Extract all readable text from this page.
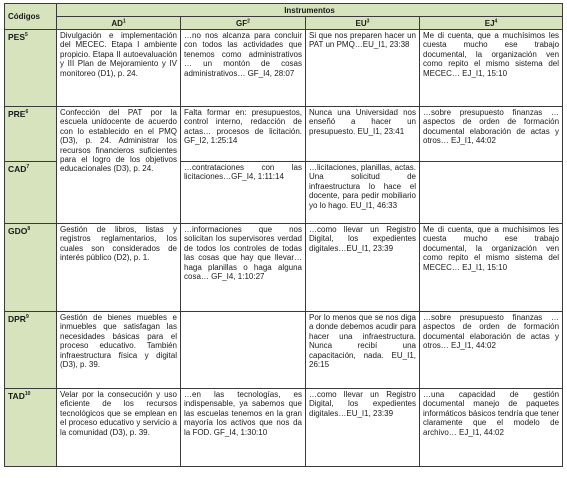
Códigos	Instrumentos			
	$AD^1$	$GF^2$	$EU^3$	$EJ^4$
PES$^5$	Divulgación e implementación del MECEC. Etapa I ambiente propicio. Etapa II autoevaluación y III Plan de Mejoramiento y IV monitoreo (D1), p. 24.	…no nos alcanza para concluir con todos las actividades que tenemos como administrativos … un montón de cosas administrativos… GF_I4, 28:07	Si que nos preparen hacer un PAT un PMQ…EU_I1, 23:38	Me di cuenta, que a muchísimos les cuesta mucho ese trabajo documental, la organización ven como repito el mismo sistema del MECEC… EJ_I1, 15:10
PRE$^6$	Confección del PAT por la escuela unidocente de acuerdo con lo establecido en el PMQ (D3), p. 24. Administrar los recursos financieros suficientes para el logro de los objetivos educacionales (D3), p. 24.	Falta formar en: presupuestos, control interno, redacción de actas… procesos de licitación. GF_I2, 1:25:14	Nunca una Universidad nos enseñó a hacer un presupuesto. EU_I1, 23:41	…sobre presupuesto finanzas … aspectos de orden de formación documental elaboración de actas y otros… EJ_I1, 44:02
CAD$^7$		…contrataciones con las licitaciones…GF_I4, 1:11:14	…licitaciones, planillas, actas. Una solicitud de infraestructura lo hace el docente, para pedir mobiliario yo lo hago. EU_I1, 46:33	
GDO$^8$	Gestión de libros, listas y registros reglamentarios, los cuales son considerados de interés público (D2), p. 1.	…informaciones que nos solicitan los supervisores verdad de todos los controles de todas las cosas que hay que llevar… haga planillas o haga alguna cosa… GF_I4, 1:10:27	…como llevar un Registro Digital, los expedientes digitales…EU_I1, 23:39	Me di cuenta, que a muchísimos les cuesta mucho ese trabajo documental, la organización ven como repito el mismo sistema del MECEC… EJ_I1, 15:10
DPR$^9$	Gestión de bienes muebles e inmuebles que satisfagan las necesidades básicas para el proceso educativo. También infraestructura física y digital (D3), p. 39.		Por lo menos que se nos diga a donde debemos acudir para hacer una infraestructura. Nunca recibí una capacitación, nada. EU_I1, 26:15	…sobre presupuesto finanzas … aspectos de orden de formación documental elaboración de actas y otros… EJ_I1, 44:02
TAD$^{10}$	Velar por la consecución y uso eficiente de los recursos tecnológicos que se emplean en el proceso educativo y servicio a la comunidad (D3), p. 39.	…en las tecnologías, es indispensable, ya sabemos que las escuelas tenemos en la gran mayoría los activos que nos da la FOD. GF_I4, 1:30:10	…como llevar un Registro Digital, los expedientes digitales…EU_I1, 23:39	…una capacidad de gestión documental manejo de paquetes informáticos básicos tendría que tener claramente que el modelo de archivo… EJ_I1, 44:02
